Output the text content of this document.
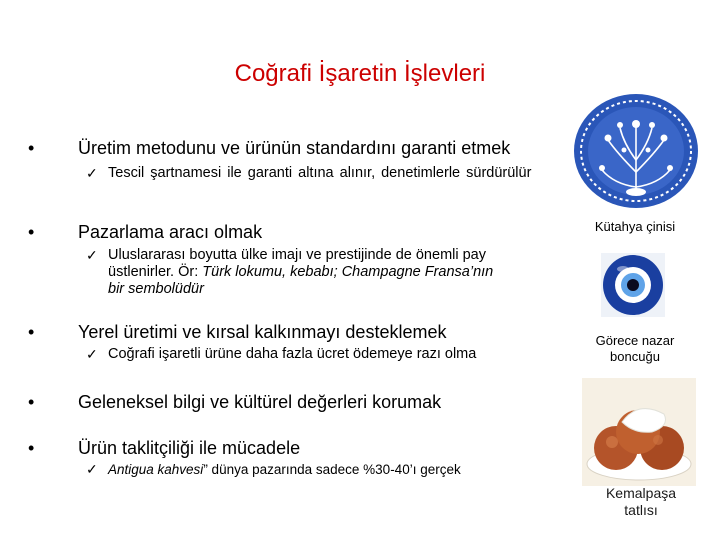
Coğrafi İşaretin İşlevleri
•	Üretim metodunu ve ürünün standardını garanti etmek
✓ Tescil şartnamesi ile garanti altına alınır, denetimlerle sürdürülür
•	Pazarlama aracı olmak
✓ Uluslararası boyutta ülke imajı ve prestijinde de önemli pay
üstlenirler. Ör: Türk lokumu, kebabı; Champagne Fransa’nın
bir sembolüdür
•	Yerel üretimi ve kırsal kalkınmayı desteklemek
✓ Coğrafi işaretli ürüne daha fazla ücret ödemeye razı olma
•	Geleneksel bilgi ve kültürel değerleri korumak
•	Ürün taklitçiliği ile mücadele
✓ Antigua kahvesi” dünya pazarında sadece %30-40’ı gerçek
Kütahya çinisi
Görece nazar
boncuğu
Kemalpaşa
tatlısı
